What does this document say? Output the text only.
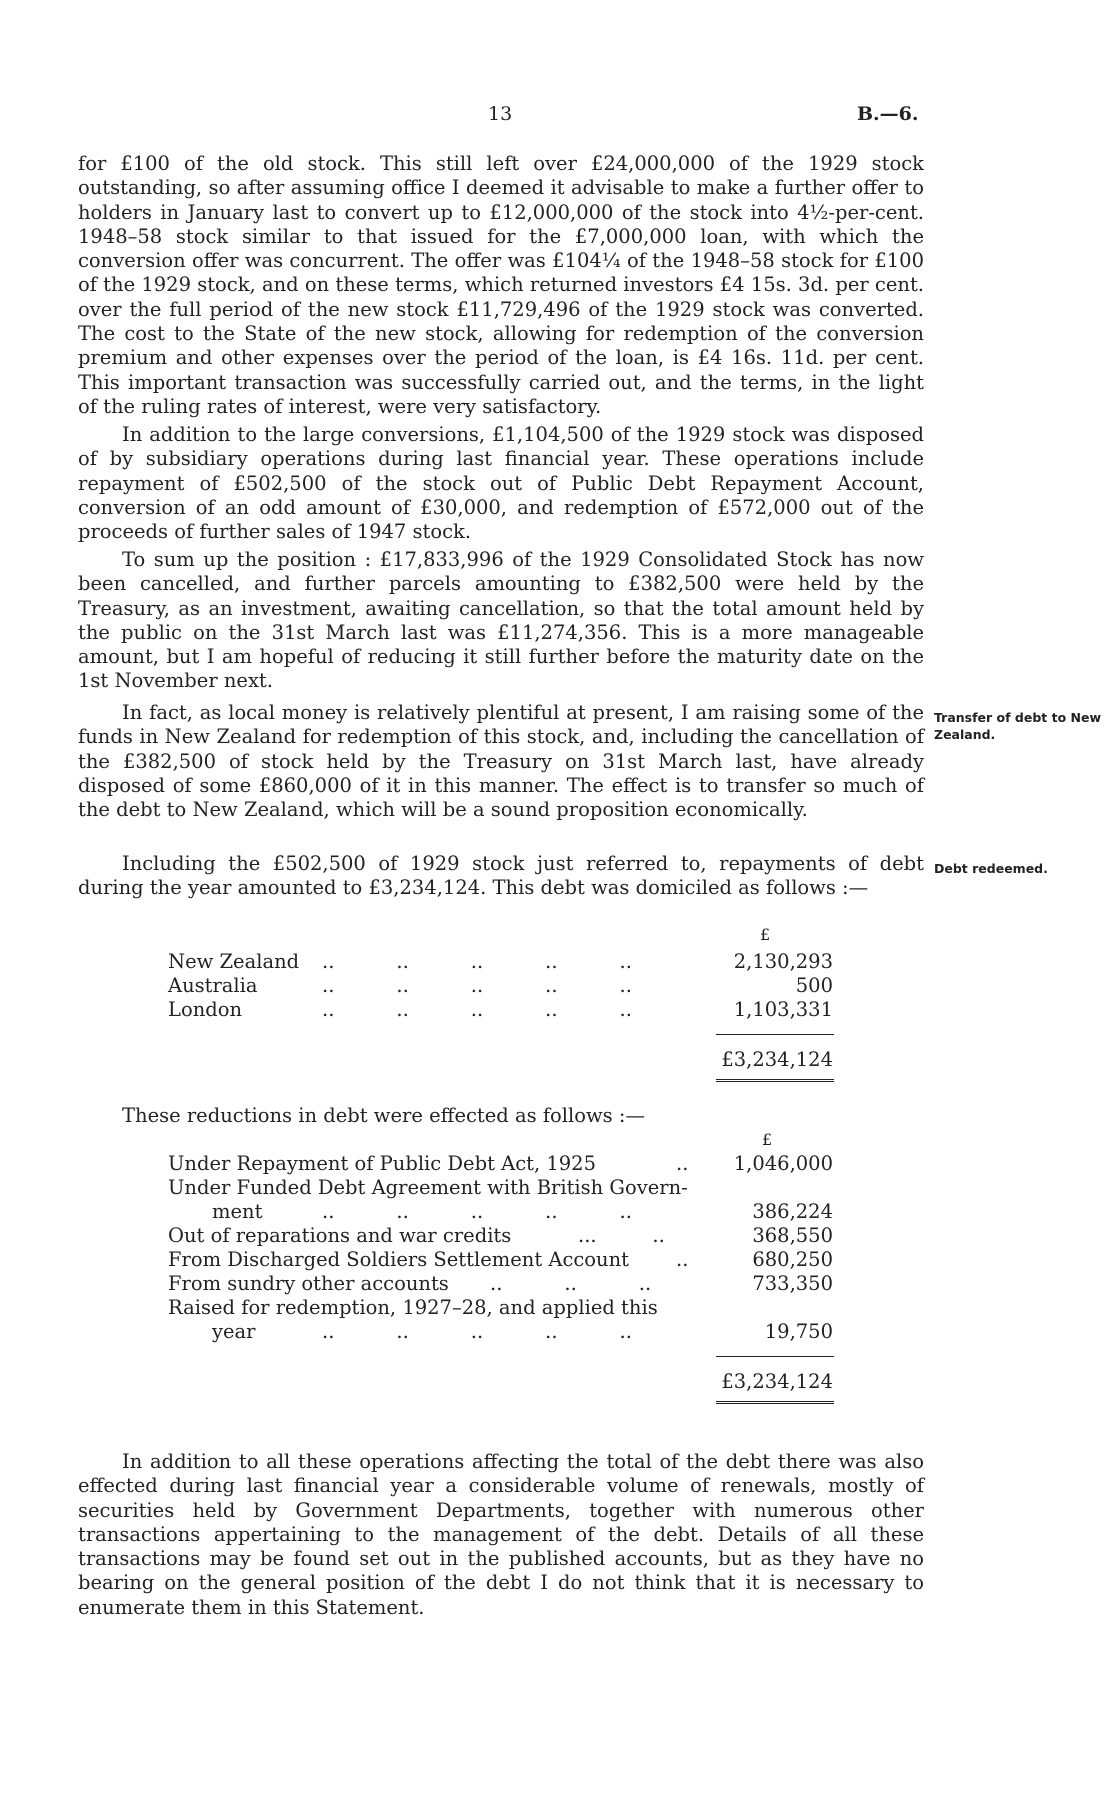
13	B.—6.

for £100 of the old stock. This still left over £24,000,000 of the 1929 stock outstanding, so after assuming office I deemed it advisable to make a further offer to holders in January last to convert up to £12,000,000 of the stock into 4½-per-cent. 1948–58 stock similar to that issued for the £7,000,000 loan, with which the conversion offer was concurrent. The offer was £104¼ of the 1948–58 stock for £100 of the 1929 stock, and on these terms, which returned investors £4 15s. 3d. per cent. over the full period of the new stock £11,729,496 of the 1929 stock was converted. The cost to the State of the new stock, allowing for redemption of the conversion premium and other expenses over the period of the loan, is £4 16s. 11d. per cent. This important transaction was successfully carried out, and the terms, in the light of the ruling rates of interest, were very satisfactory.

In addition to the large conversions, £1,104,500 of the 1929 stock was disposed of by subsidiary operations during last financial year. These operations include repayment of £502,500 of the stock out of Public Debt Repayment Account, conversion of an odd amount of £30,000, and redemption of £572,000 out of the proceeds of further sales of 1947 stock.

To sum up the position : £17,833,996 of the 1929 Consolidated Stock has now been cancelled, and further parcels amounting to £382,500 were held by the Treasury, as an investment, awaiting cancellation, so that the total amount held by the public on the 31st March last was £11,274,356. This is a more manageable amount, but I am hopeful of reducing it still further before the maturity date on the 1st November next.

In fact, as local money is relatively plentiful at present, I am raising some of the funds in New Zealand for redemption of this stock, and, including the cancellation of the £382,500 of stock held by the Treasury on 31st March last, have already disposed of some £860,000 of it in this manner. The effect is to transfer so much of the debt to New Zealand, which will be a sound proposition economically.

Transfer of debt to New Zealand.

Including the £502,500 of 1929 stock just referred to, repayments of debt during the year amounted to £3,234,124. This debt was domiciled as follows :—

Debt redeemed.
£
New Zealand ..          ..          ..          ..          ..	2,130,293
Australia	..          ..          ..          ..          ..	500
London	..          ..          ..          ..          ..	1,103,331
£3,234,124

These reductions in debt were effected as follows :—

£
Under Repayment of Public Debt Act, 1925	.. 1,046,000
Under Funded Debt Agreement with British Govern-
ment	..          ..          ..          ..          ..	386,224
Out of reparations and war credits	...         ..	368,550
From Discharged Soldiers Settlement Account ..	680,250
From sundry other accounts ..          ..          ..	733,350
Raised for redemption, 1927–28, and applied this
year	..          ..          ..          ..          ..	19,750
£3,234,124

In addition to all these operations affecting the total of the debt there was also effected during last financial year a considerable volume of renewals, mostly of securities held by Government Departments, together with numerous other transactions appertaining to the management of the debt. Details of all these transactions may be found set out in the published accounts, but as they have no bearing on the general position of the debt I do not think that it is necessary to enumerate them in this Statement.
